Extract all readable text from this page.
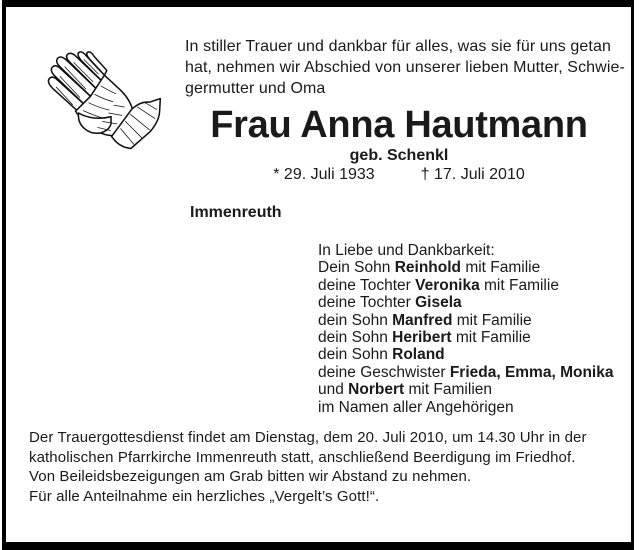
In stiller Trauer und dankbar für alles, was sie für uns getan
hat, nehmen wir Abschied von unserer lieben Mutter, Schwie-
germutter und Oma
Frau Anna Hautmann
geb. Schenkl
* 29. Juli 1933	† 17. Juli 2010
Immenreuth
In Liebe und Dankbarkeit:
Dein Sohn Reinhold mit Familie
deine Tochter Veronika mit Familie
deine Tochter Gisela
dein Sohn Manfred mit Familie
dein Sohn Heribert mit Familie
dein Sohn Roland
deine Geschwister Frieda, Emma, Monika
und Norbert mit Familien
im Namen aller Angehörigen
Der Trauergottesdienst findet am Dienstag, dem 20. Juli 2010, um 14.30 Uhr in der
katholischen Pfarrkirche Immenreuth statt, anschließend Beerdigung im Friedhof.
Von Beileidsbezeigungen am Grab bitten wir Abstand zu nehmen.
Für alle Anteilnahme ein herzliches „Vergelt’s Gott!“.
